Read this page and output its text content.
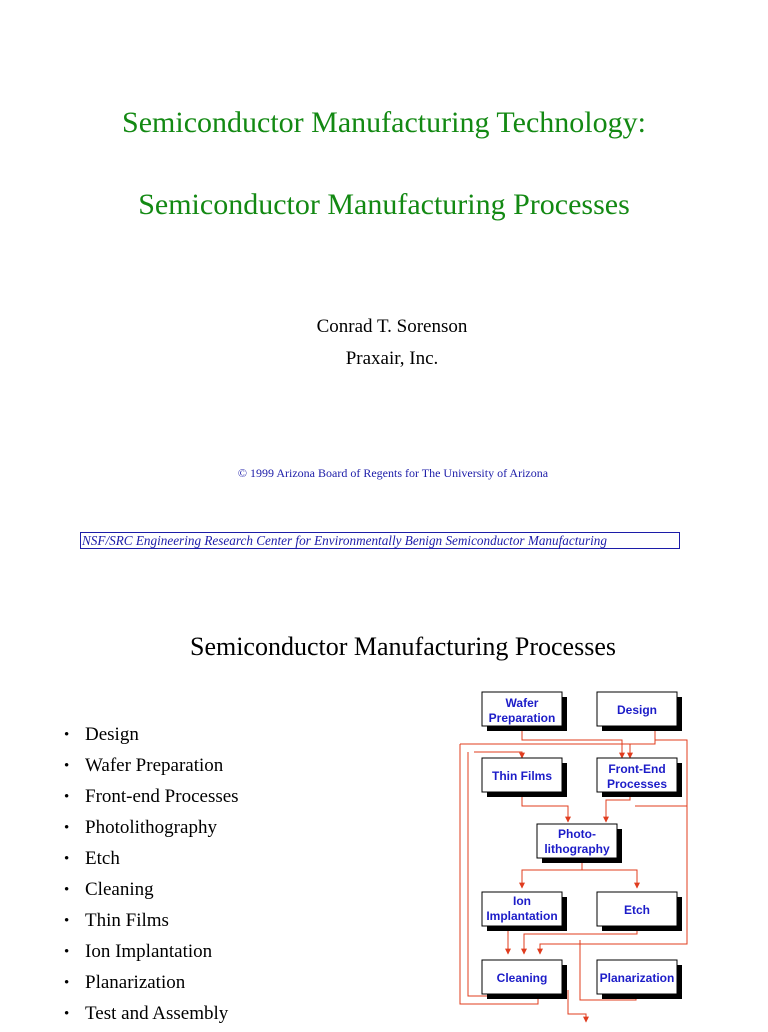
Semiconductor Manufacturing Technology:
Semiconductor Manufacturing Processes

Conrad T. Sorenson

Praxair, Inc.

© 1999 Arizona Board of Regents for The University of Arizona
NSF/SRC Engineering Research Center for Environmentally Benign Semiconductor Manufacturing
Semiconductor Manufacturing Processes
• Design
• Wafer Preparation
• Front-end Processes
• Photolithography
• Etch
• Cleaning
• Thin Films
• Ion Implantation
• Planarization
• Test and Assembly
Wafer
Preparation
Design
Thin Films	Front-End
Processes
Photo-
lithography
Ion
Implantation	Etch
Cleaning	Planarization
